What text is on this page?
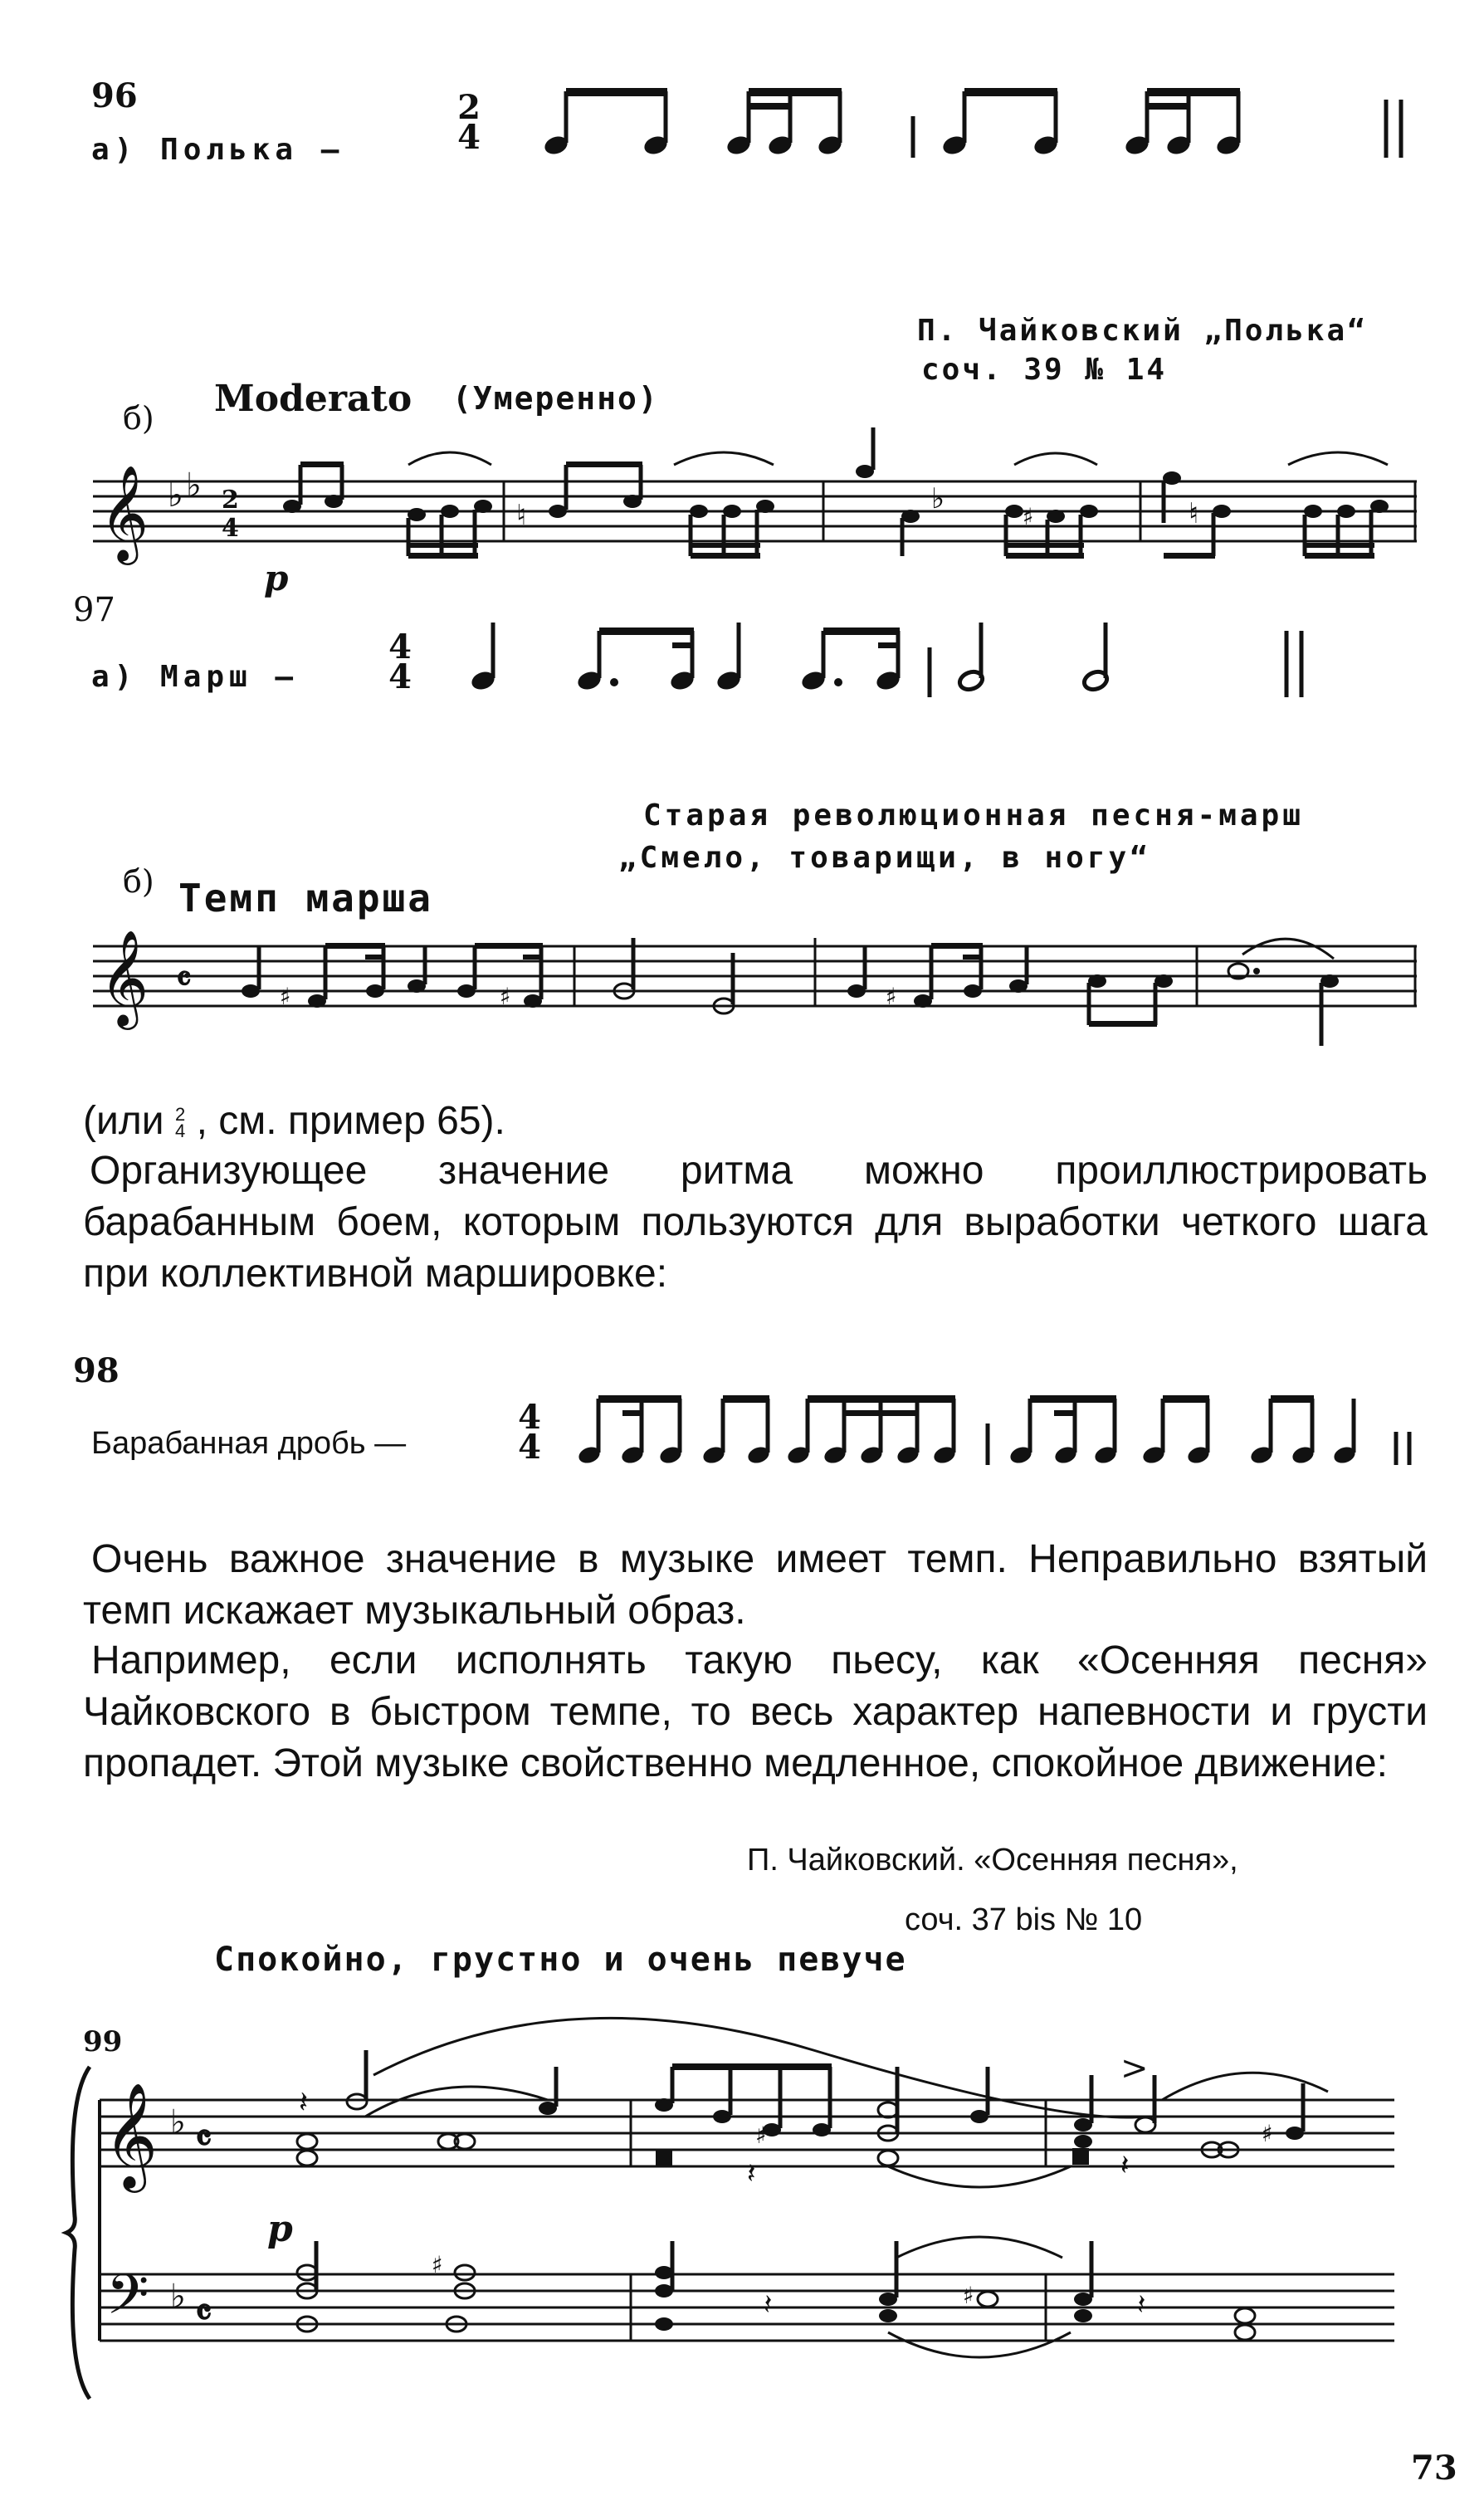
96
а) Полька –
2
4
П. Чайковский „Полька“
соч. 39 № 14
б) Moderato (Умеренно)
𝄞 ♭ ♭ 2
4	♮	♭
♯	♮
p
97
а) Марш –
4
4
Старая революционная песня-марш
„Смело, товарищи, в ногу“
б) Темп марша
𝄞 𝄴	♯	♯	♯
(или 2
4 , см. пример 65).
Организующее значение ритма можно проиллюстрировать барабанным боем, которым пользуются для выработки четкого шага при коллективной маршировке:
98
Барабанная дробь —
4
4
Очень важное значение в музыке имеет темп. Неправильно взятый темп искажает музыкальный образ.
Например, если исполнять такую пьесу, как «Осенняя песня» Чайковского в быстром темпе, то весь характер напевности и грусти пропадет. Этой музыке свойственно медленное, спокойное движение:
П. Чайковский. «Осенняя песня»,
соч. 37 bis № 10
Спокойно, грустно и очень певуче
99
𝄞
𝄢
♭
♭
𝄴
𝄴
𝄽
♯
𝄽
>
𝄽
♯
♯
𝄽	♯	𝄽
p
73
